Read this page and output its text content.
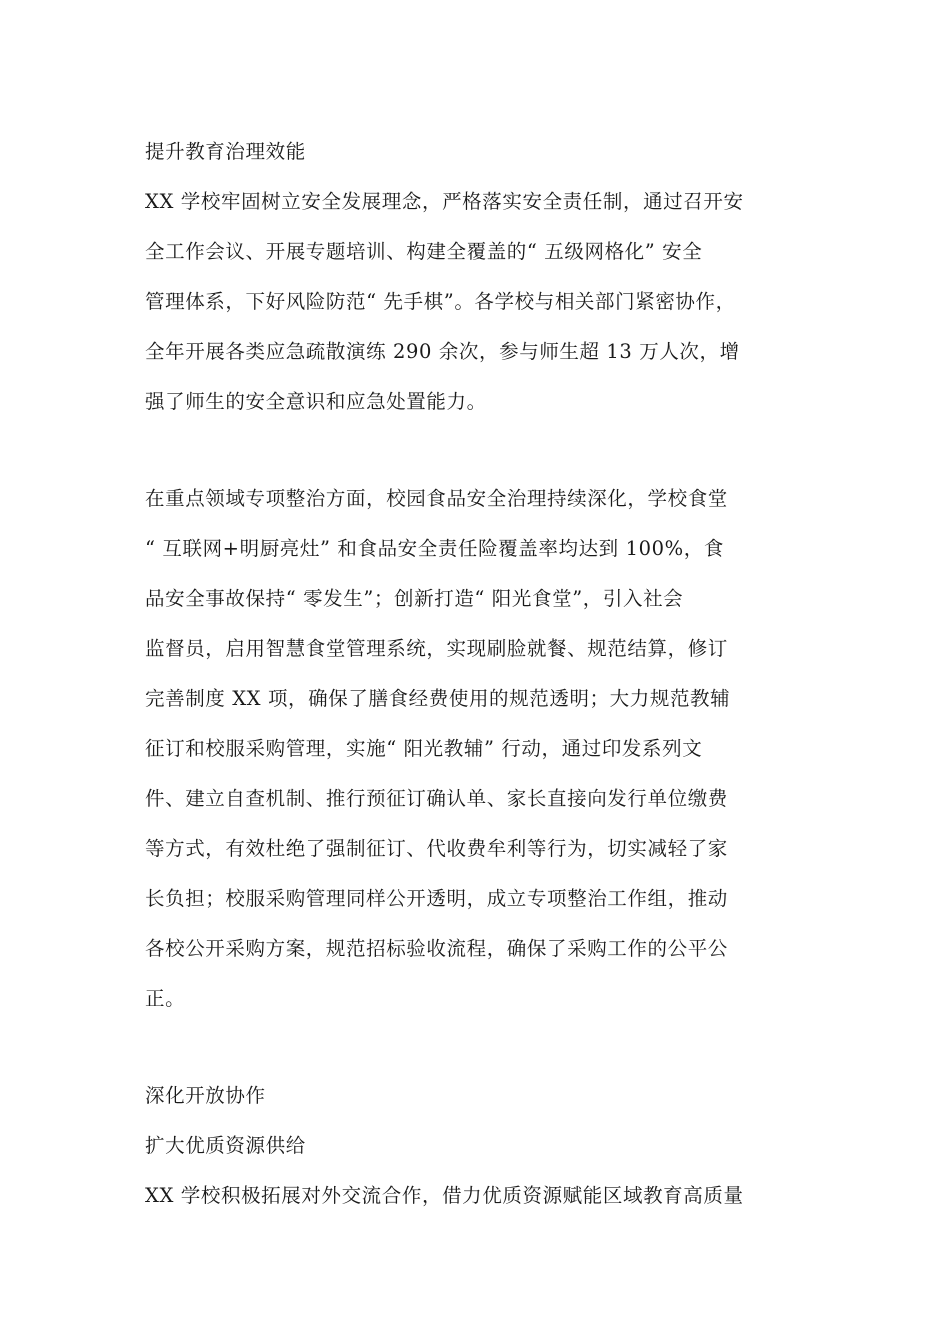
提升教育治理效能
XX 学校牢固树立安全发展理念，严格落实安全责任制，通过召开安
全工作会议、开展专题培训、构建全覆盖的“ 五级网格化” 安全
管理体系，下好风险防范“ 先手棋”。各学校与相关部门紧密协作，
全年开展各类应急疏散演练 290 余次，参与师生超 13 万人次，增
强了师生的安全意识和应急处置能力。
在重点领域专项整治方面，校园食品安全治理持续深化，学校食堂
“ 互联网+明厨亮灶” 和食品安全责任险覆盖率均达到 100%，食
品安全事故保持“ 零发生”；创新打造“ 阳光食堂”，引入社会
监督员，启用智慧食堂管理系统，实现刷脸就餐、规范结算，修订
完善制度 XX 项，确保了膳食经费使用的规范透明；大力规范教辅
征订和校服采购管理，实施“ 阳光教辅” 行动，通过印发系列文
件、建立自查机制、推行预征订确认单、家长直接向发行单位缴费
等方式，有效杜绝了强制征订、代收费牟利等行为，切实减轻了家
长负担；校服采购管理同样公开透明，成立专项整治工作组，推动
各校公开采购方案，规范招标验收流程，确保了采购工作的公平公
正。
深化开放协作
扩大优质资源供给
XX 学校积极拓展对外交流合作，借力优质资源赋能区域教育高质量
